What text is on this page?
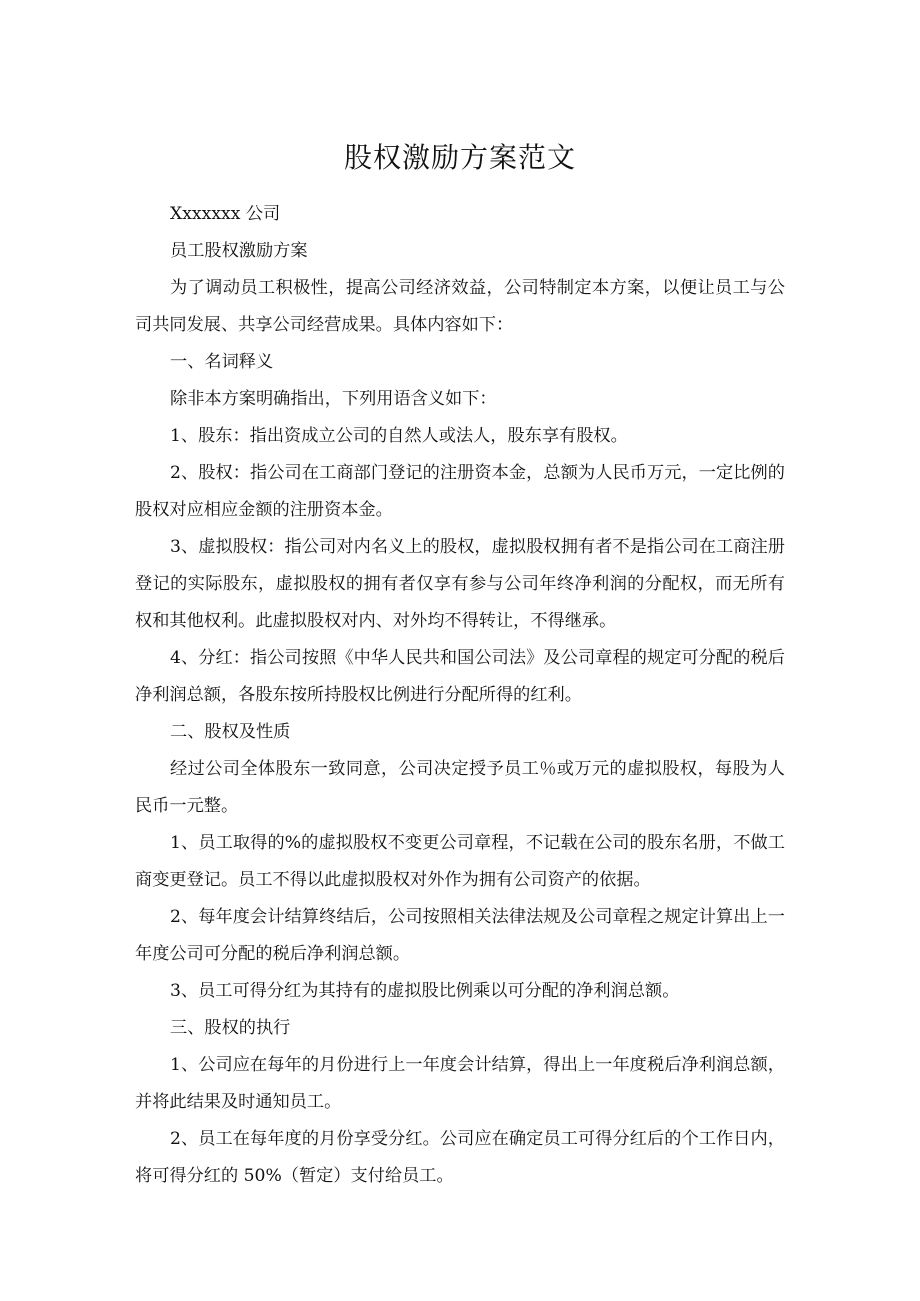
股权激励方案范文

Xxxxxxx 公司

员工股权激励方案

为了调动员工积极性，提高公司经济效益，公司特制定本方案，以便让员工与公司共同发展、共享公司经营成果。具体内容如下：

一、名词释义

除非本方案明确指出，下列用语含义如下：

1、股东：指出资成立公司的自然人或法人，股东享有股权。

2、股权：指公司在工商部门登记的注册资本金，总额为人民币万元，一定比例的股权对应相应金额的注册资本金。

3、虚拟股权：指公司对内名义上的股权，虚拟股权拥有者不是指公司在工商注册登记的实际股东，虚拟股权的拥有者仅享有参与公司年终净利润的分配权，而无所有权和其他权利。此虚拟股权对内、对外均不得转让，不得继承。

4、分红：指公司按照《中华人民共和国公司法》及公司章程的规定可分配的税后净利润总额，各股东按所持股权比例进行分配所得的红利。

二、股权及性质

经过公司全体股东一致同意，公司决定授予员工％或万元的虚拟股权，每股为人民币一元整。

1、员工取得的%的虚拟股权不变更公司章程，不记载在公司的股东名册，不做工商变更登记。员工不得以此虚拟股权对外作为拥有公司资产的依据。

2、每年度会计结算终结后，公司按照相关法律法规及公司章程之规定计算出上一年度公司可分配的税后净利润总额。

3、员工可得分红为其持有的虚拟股比例乘以可分配的净利润总额。

三、股权的执行

1、公司应在每年的月份进行上一年度会计结算，得出上一年度税后净利润总额，并将此结果及时通知员工。

2、员工在每年度的月份享受分红。公司应在确定员工可得分红后的个工作日内，将可得分红的 50%（暂定）支付给员工。
